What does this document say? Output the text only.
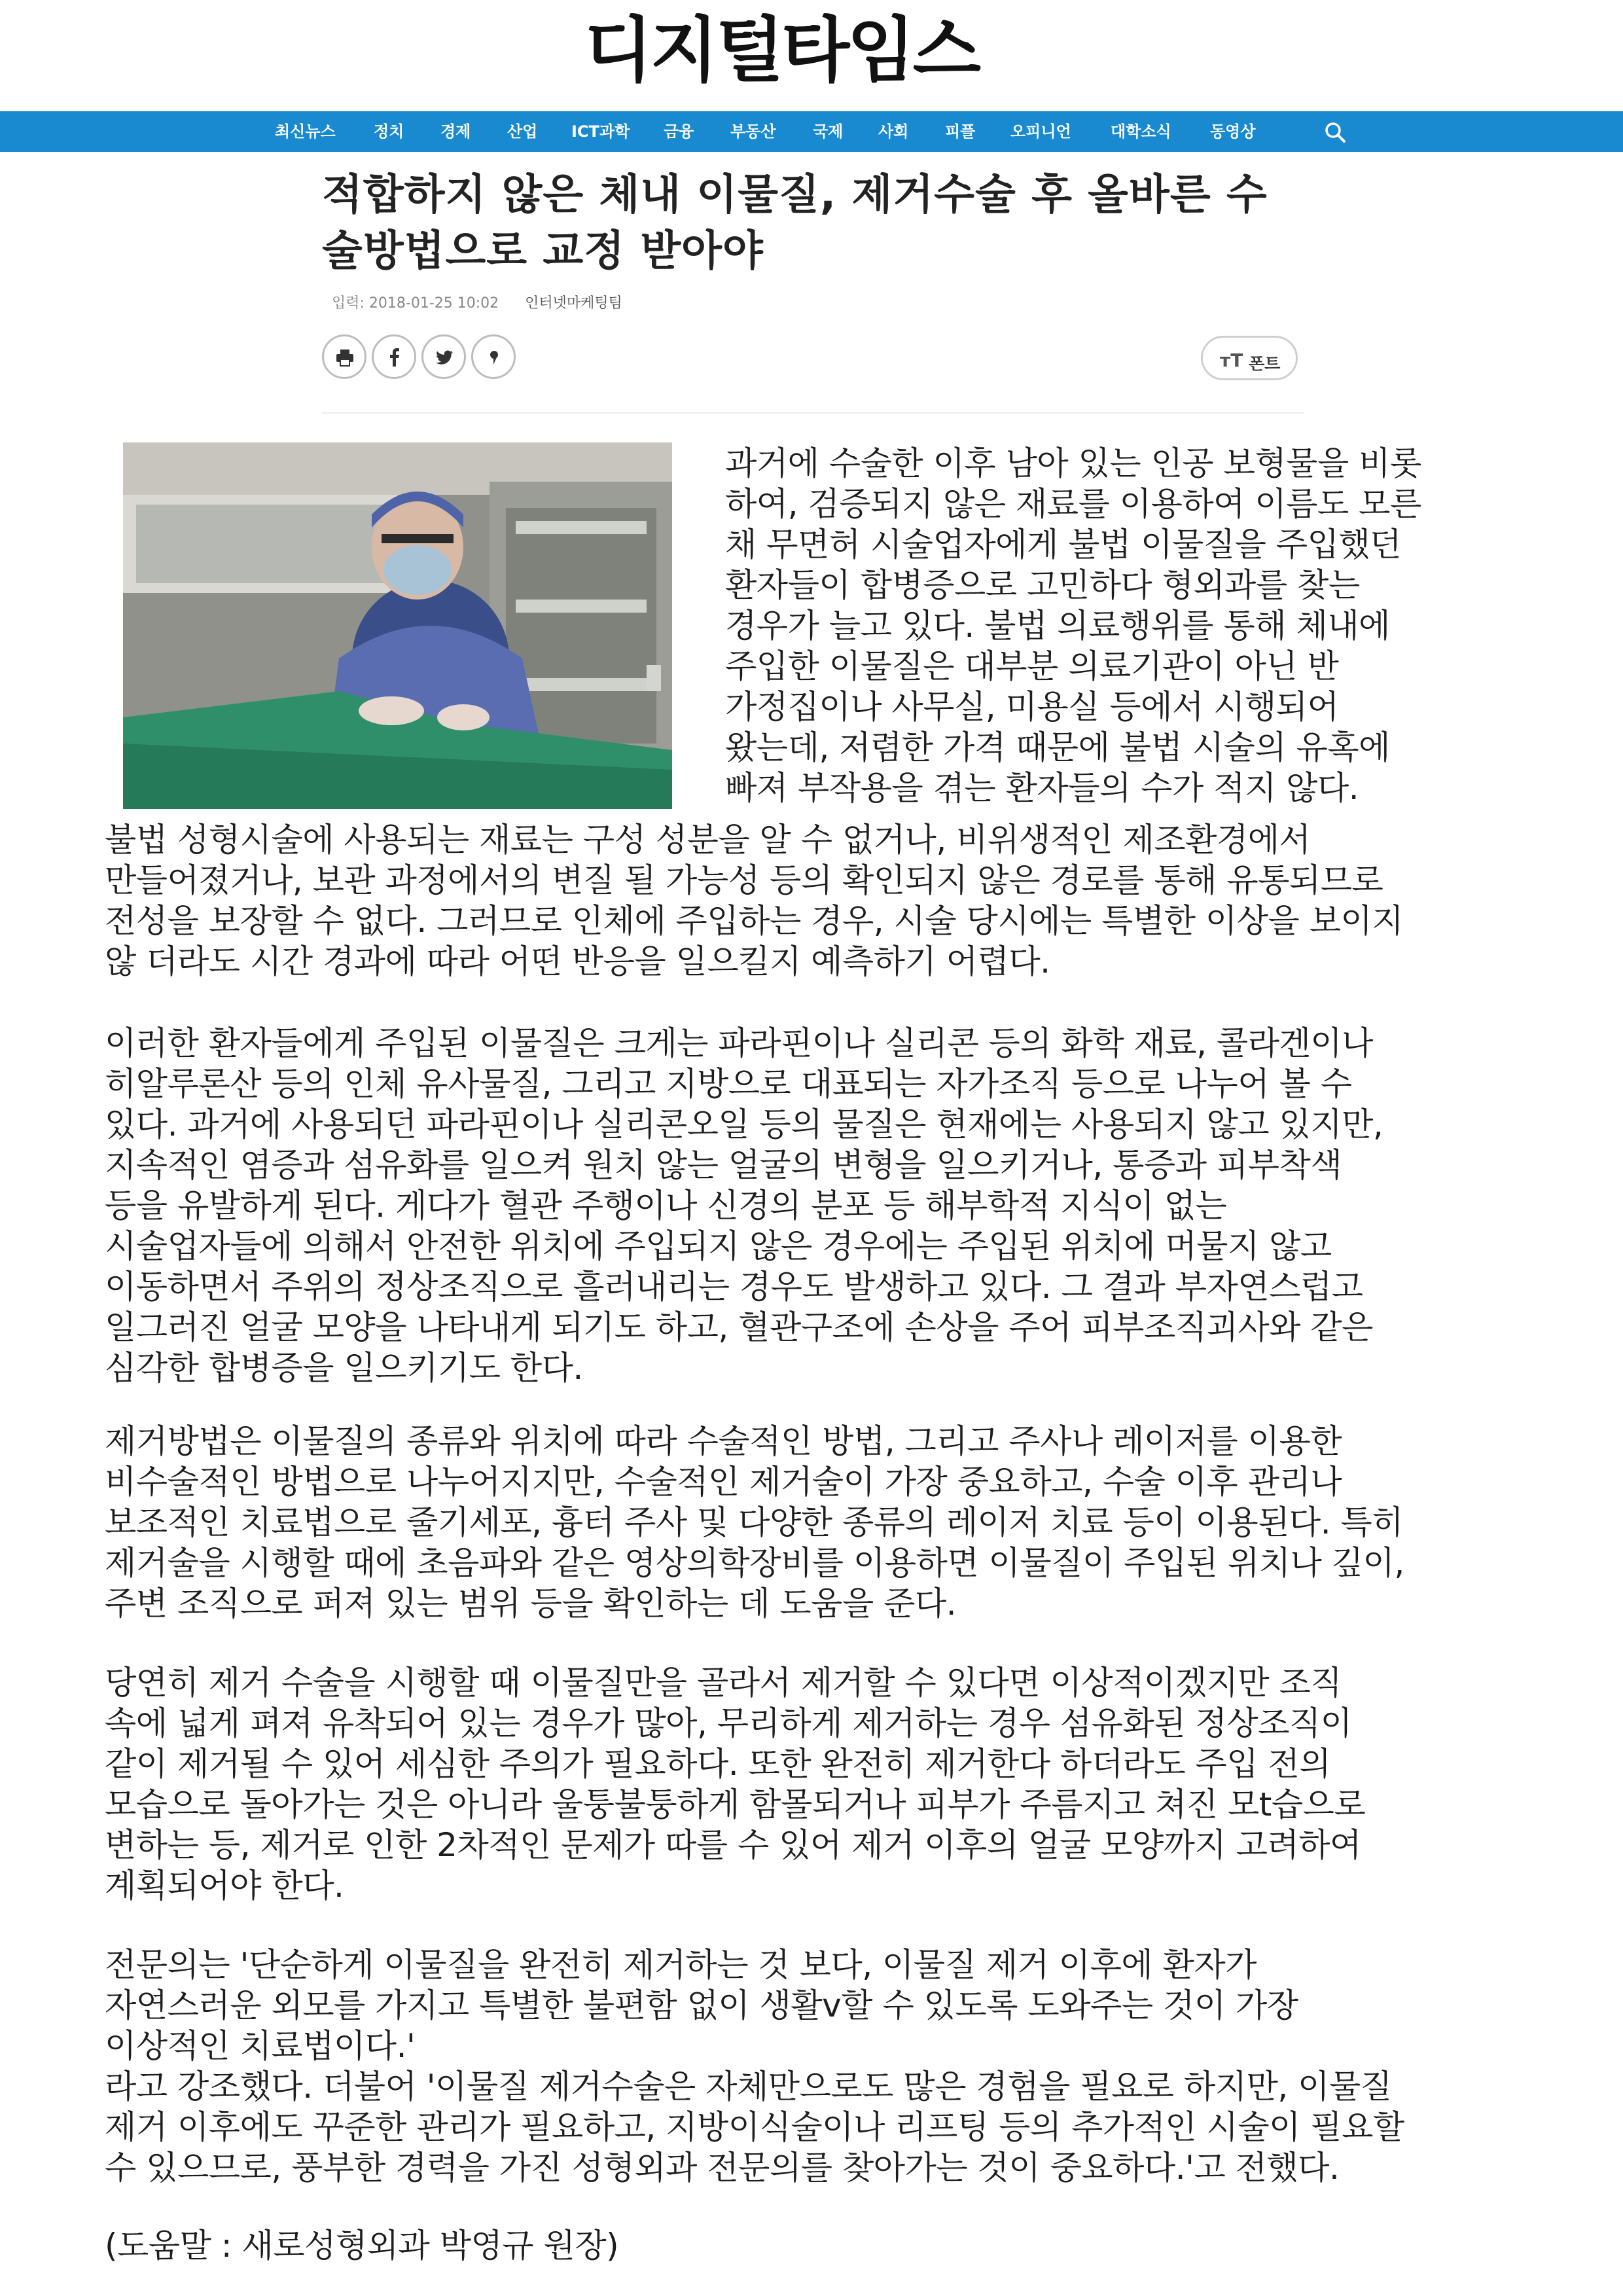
디지털타임스
최신뉴스 정치 경제 산업 ICT과학 금융 부동산 국제 사회 피플 오피니언	대학소식 동영상
적합하지 않은 체내 이물질, 제거수술 후 올바른 수
술방법으로 교정 받아야
입력: 2018-01-25 10:02 인터넷마케팅팀
ᴛT 폰트
과거에 수술한 이후 남아 있는 인공 보형물을 비롯
하여, 검증되지 않은 재료를 이용하여 이름도 모른
채 무면허 시술업자에게 불법 이물질을 주입했던
환자들이 합병증으로 고민하다 형외과를 찾는
경우가 늘고 있다. 불법 의료행위를 통해 체내에
주입한 이물질은 대부분 의료기관이 아닌 반
가정집이나 사무실, 미용실 등에서 시행되어
왔는데, 저렴한 가격 때문에 불법 시술의 유혹에
빠져 부작용을 겪는 환자들의 수가 적지 않다.
불법 성형시술에 사용되는 재료는 구성 성분을 알 수 없거나, 비위생적인 제조환경에서
만들어졌거나, 보관 과정에서의 변질 될 가능성 등의 확인되지 않은 경로를 통해 유통되므로
전성을 보장할 수 없다. 그러므로 인체에 주입하는 경우, 시술 당시에는 특별한 이상을 보이지
않 더라도 시간 경과에 따라 어떤 반응을 일으킬지 예측하기 어렵다.
이러한 환자들에게 주입된 이물질은 크게는 파라핀이나 실리콘 등의 화학 재료, 콜라겐이나
히알루론산 등의 인체 유사물질, 그리고 지방으로 대표되는 자가조직 등으로 나누어 볼 수
있다. 과거에 사용되던 파라핀이나 실리콘오일 등의 물질은 현재에는 사용되지 않고 있지만,
지속적인 염증과 섬유화를 일으켜 원치 않는 얼굴의 변형을 일으키거나, 통증과 피부착색
등을 유발하게 된다. 게다가 혈관 주행이나 신경의 분포 등 해부학적 지식이 없는
시술업자들에 의해서 안전한 위치에 주입되지 않은 경우에는 주입된 위치에 머물지 않고
이동하면서 주위의 정상조직으로 흘러내리는 경우도 발생하고 있다. 그 결과 부자연스럽고
일그러진 얼굴 모양을 나타내게 되기도 하고, 혈관구조에 손상을 주어 피부조직괴사와 같은
심각한 합병증을 일으키기도 한다.
제거방법은 이물질의 종류와 위치에 따라 수술적인 방법, 그리고 주사나 레이저를 이용한
비수술적인 방법으로 나누어지지만, 수술적인 제거술이 가장 중요하고, 수술 이후 관리나
보조적인 치료법으로 줄기세포, 흉터 주사 및 다양한 종류의 레이저 치료 등이 이용된다. 특히
제거술을 시행할 때에 초음파와 같은 영상의학장비를 이용하면 이물질이 주입된 위치나 깊이,
주변 조직으로 퍼져 있는 범위 등을 확인하는 데 도움을 준다.
당연히 제거 수술을 시행할 때 이물질만을 골라서 제거할 수 있다면 이상적이겠지만 조직
속에 넓게 펴져 유착되어 있는 경우가 많아, 무리하게 제거하는 경우 섬유화된 정상조직이
같이 제거될 수 있어 세심한 주의가 필요하다. 또한 완전히 제거한다 하더라도 주입 전의
모습으로 돌아가는 것은 아니라 울퉁불퉁하게 함몰되거나 피부가 주름지고 쳐진 모t습으로
변하는 등, 제거로 인한 2차적인 문제가 따를 수 있어 제거 이후의 얼굴 모양까지 고려하여
계획되어야 한다.
전문의는 '단순하게 이물질을 완전히 제거하는 것 보다, 이물질 제거 이후에 환자가
자연스러운 외모를 가지고 특별한 불편함 없이 생활v할 수 있도록 도와주는 것이 가장
이상적인 치료법이다.'
라고 강조했다. 더불어 '이물질 제거수술은 자체만으로도 많은 경험을 필요로 하지만, 이물질
제거 이후에도 꾸준한 관리가 필요하고, 지방이식술이나 리프팅 등의 추가적인 시술이 필요할
수 있으므로, 풍부한 경력을 가진 성형외과 전문의를 찾아가는 것이 중요하다.'고 전했다.
(도움말 : 새로성형외과 박영규 원장)
